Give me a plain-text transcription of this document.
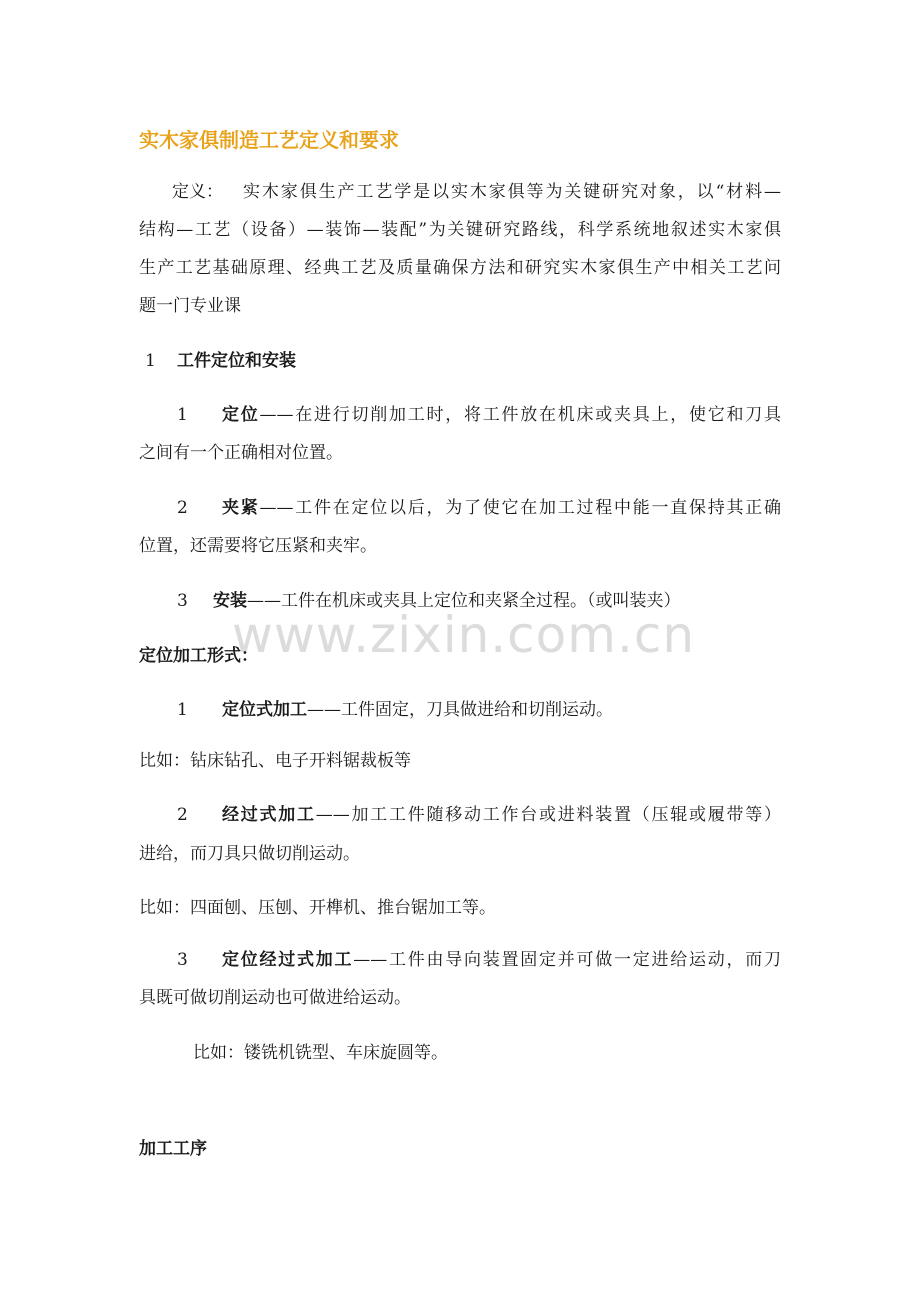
实木家俱制造工艺定义和要求
定义： 实木家俱生产工艺学是以实木家俱等为关键研究对象，以“材料—
结构—工艺（设备）—装饰—装配”为关键研究路线，科学系统地叙述实木家俱
生产工艺基础原理、经典工艺及质量确保方法和研究实木家俱生产中相关工艺问
题一门专业课
1 工件定位和安装
1 定位——在进行切削加工时，将工件放在机床或夹具上，使它和刀具
之间有一个正确相对位置。
2 夹紧——工件在定位以后，为了使它在加工过程中能一直保持其正确
位置，还需要将它压紧和夹牢。
3 安装——工件在机床或夹具上定位和夹紧全过程。（或叫装夹）
www.zixin.com.cn
定位加工形式：
1 定位式加工——工件固定，刀具做进给和切削运动。
比如：钻床钻孔、电子开料锯裁板等
2 经过式加工——加工工件随移动工作台或进料装置（压辊或履带等）
进给，而刀具只做切削运动。
比如：四面刨、压刨、开榫机、推台锯加工等。
3 定位经过式加工——工件由导向装置固定并可做一定进给运动，而刀
具既可做切削运动也可做进给运动。
比如：镂铣机铣型、车床旋圆等。
加工工序
